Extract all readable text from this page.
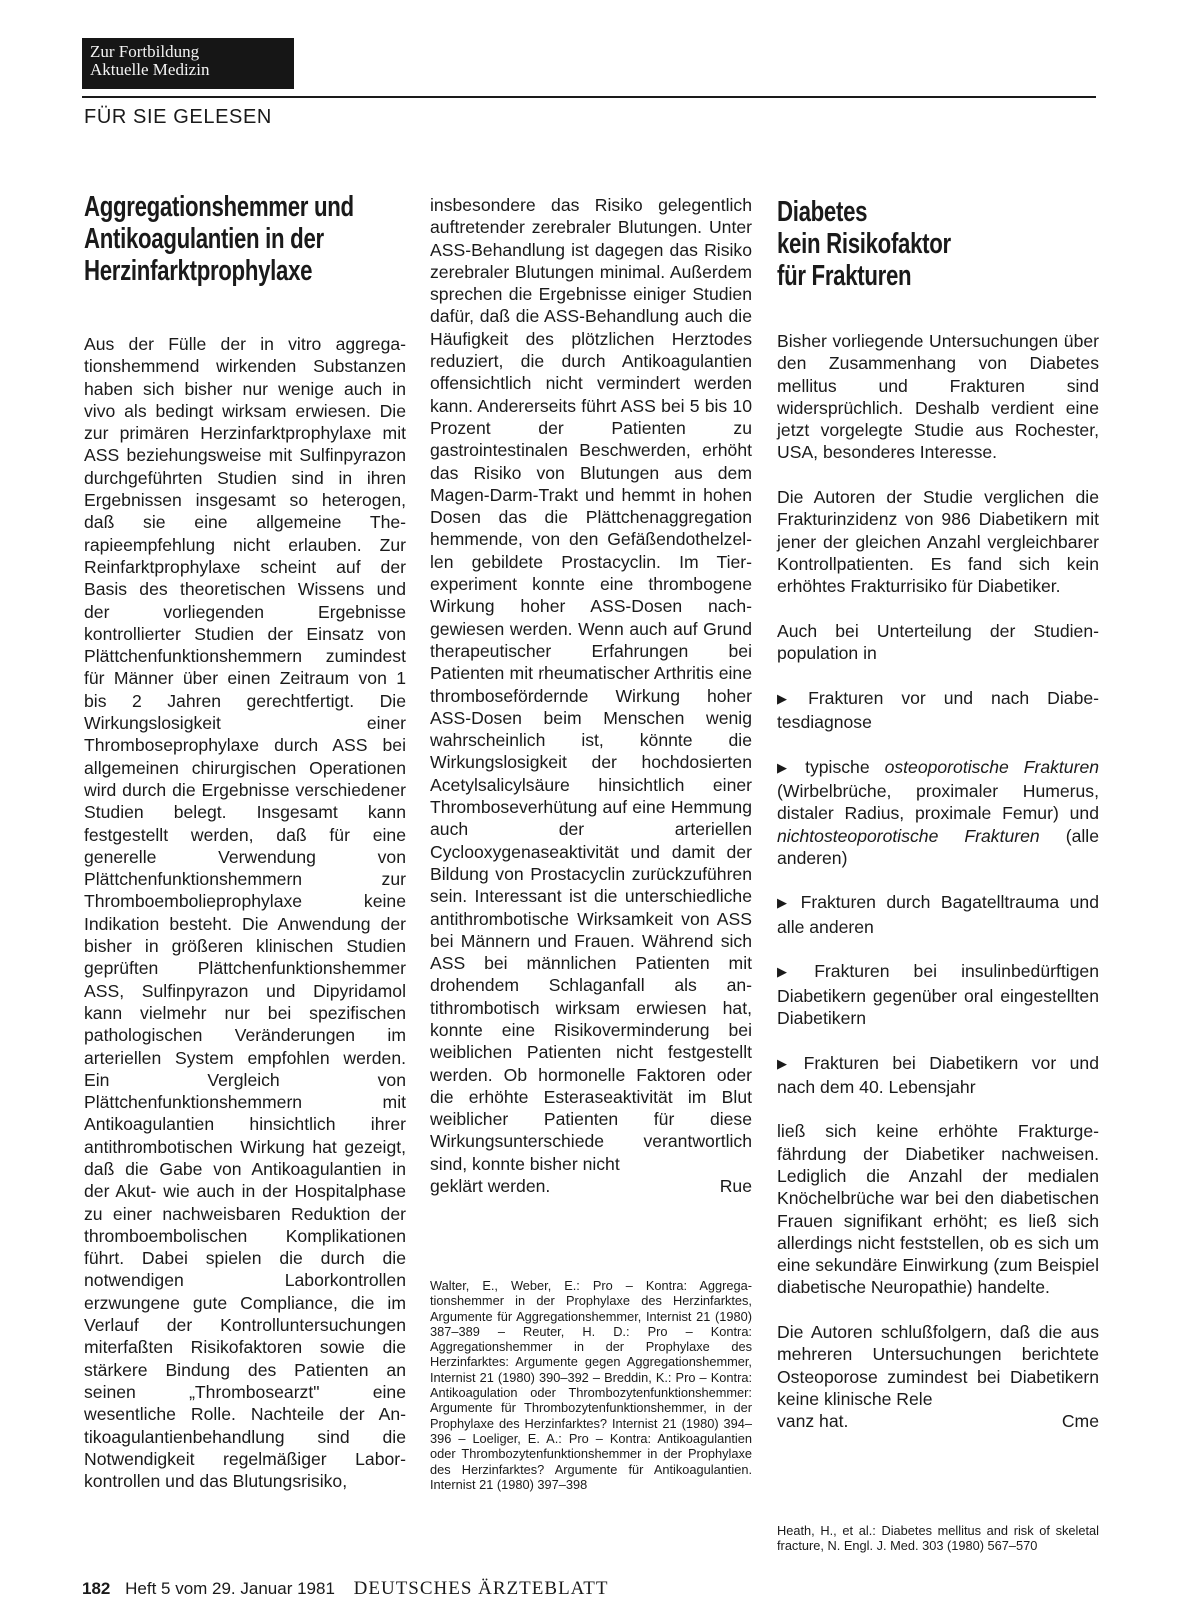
Zur Fortbildung
Aktuelle Medizin
FÜR SIE GELESEN
Aggregationshemmer und
Antikoagulantien in der
Herzinfarktprophylaxe
Diabetes
kein Risikofaktor
für Frakturen

Aus der Fülle der in vitro aggregationshemmend wirkenden Substanzen haben sich bisher nur wenige auch in vivo als bedingt wirksam erwiesen. Die zur primären Herzinfarktprophylaxe mit ASS beziehungsweise mit Sulfinpyrazon durchgeführten Studien sind in ihren Ergebnissen insgesamt so heterogen, daß sie eine allgemeine Therapieempfehlung nicht erlauben. Zur Reinfarktprophylaxe scheint auf der Basis des theoretischen Wissens und der vorliegenden Ergebnisse kontrollierter Studien der Einsatz von Plättchenfunktionshemmern zumindest für Männer über einen Zeitraum von 1 bis 2 Jahren gerechtfertigt. Die Wirkungslosigkeit einer Thromboseprophylaxe durch ASS bei allgemeinen chirurgischen Operationen wird durch die Ergebnisse verschiedener Studien belegt. Insgesamt kann festgestellt werden, daß für eine generelle Verwendung von Plättchenfunktionshemmern zur Thromboembolieprophylaxe keine Indikation besteht. Die Anwendung der bisher in größeren klinischen Studien geprüften Plättchenfunktionshemmer ASS, Sulfinpyrazon und Dipyridamol kann vielmehr nur bei spezifischen pathologischen Veränderungen im arteriellen System empfohlen werden. Ein Vergleich von Plättchenfunktionshemmern mit Antikoagulantien hinsichtlich ihrer antithrombotischen Wirkung hat gezeigt, daß die Gabe von Antikoagulantien in der Akut- wie auch in der Hospitalphase zu einer nachweisbaren Reduktion der thromboembolischen Komplikationen führt. Dabei spielen die durch die notwendigen Laborkontrollen erzwungene gute Compliance, die im Verlauf der Kontrolluntersuchungen miterfaßten Risikofaktoren sowie die stärkere Bindung des Patienten an seinen „Thrombosearzt" eine wesentliche Rolle. Nachteile der Antikoagulantienbehandlung sind die Notwendigkeit regelmäßiger Laborkontrollen und das Blutungsrisiko,

insbesondere das Risiko gelegentlich auftretender zerebraler Blutungen. Unter ASS-Behandlung ist dagegen das Risiko zerebraler Blutungen minimal. Außerdem sprechen die Ergebnisse einiger Studien dafür, daß die ASS-Behandlung auch die Häufigkeit des plötzlichen Herztodes reduziert, die durch Antikoagulantien offensichtlich nicht vermindert werden kann. Andererseits führt ASS bei 5 bis 10 Prozent der Patienten zu gastrointestinalen Beschwerden, erhöht das Risiko von Blutungen aus dem Magen-Darm-Trakt und hemmt in hohen Dosen das die Plättchenaggregation hemmende, von den Gefäßendothelzellen gebildete Prostacyclin. Im Tierexperiment konnte eine thrombogene Wirkung hoher ASS-Dosen nachgewiesen werden. Wenn auch auf Grund therapeutischer Erfahrungen bei Patienten mit rheumatischer Arthritis eine thrombosefördernde Wirkung hoher ASS-Dosen beim Menschen wenig wahrscheinlich ist, könnte die Wirkungslosigkeit der hochdosierten Acetylsalicylsäure hinsichtlich einer Thromboseverhütung auf eine Hemmung auch der arteriellen Cyclooxygenaseaktivität und damit der Bildung von Prostacyclin zurückzuführen sein. Interessant ist die unterschiedliche antithrombotische Wirksamkeit von ASS bei Männern und Frauen. Während sich ASS bei männlichen Patienten mit drohendem Schlaganfall als antithrombotisch wirksam erwiesen hat, konnte eine Risikoverminderung bei weiblichen Patienten nicht festgestellt werden. Ob hormonelle Faktoren oder die erhöhte Esteraseaktivität im Blut weiblicher Patienten für diese Wirkungsunterschiede verantwortlich sind, konnte bisher nicht

geklärt werden.	Rue
Walter, E., Weber, E.: Pro – Kontra: Aggregationshemmer in der Prophylaxe des Herzinfarktes, Argumente für Aggregationshemmer, Internist 21 (1980) 387–389 – Reuter, H. D.: Pro – Kontra: Aggregationshemmer in der Prophylaxe des Herzinfarktes: Argumente gegen Aggregationshemmer, Internist 21 (1980) 390–392 – Breddin, K.: Pro – Kontra: Antikoagulation oder Thrombozytenfunktionshemmer: Argumente für Thrombozytenfunktionshemmer, in der Prophylaxe des Herzinfarktes? Internist 21 (1980) 394–396 – Loeliger, E. A.: Pro – Kontra: Antikoagulantien oder Thrombozytenfunktionshemmer in der Prophylaxe des Herzinfarktes? Argumente für Antikoagulantien. Internist 21 (1980) 397–398

Bisher vorliegende Untersuchungen über den Zusammenhang von Diabetes mellitus und Frakturen sind widersprüchlich. Deshalb verdient eine jetzt vorgelegte Studie aus Rochester, USA, besonderes Interesse.

Die Autoren der Studie verglichen die Frakturinzidenz von 986 Diabetikern mit jener der gleichen Anzahl vergleichbarer Kontrollpatienten. Es fand sich kein erhöhtes Frakturrisiko für Diabetiker.

Auch bei Unterteilung der Studienpopulation in

▶ Frakturen vor und nach Diabetesdiagnose

▶ typische osteoporotische Frakturen (Wirbelbrüche, proximaler Humerus, distaler Radius, proximale Femur) und nichtosteoporotische Frakturen (alle anderen)

▶ Frakturen durch Bagatelltrauma und alle anderen

▶ Frakturen bei insulinbedürftigen Diabetikern gegenüber oral eingestellten Diabetikern

▶ Frakturen bei Diabetikern vor und nach dem 40. Lebensjahr

ließ sich keine erhöhte Frakturgefährdung der Diabetiker nachweisen. Lediglich die Anzahl der medialen Knöchelbrüche war bei den diabetischen Frauen signifikant erhöht; es ließ sich allerdings nicht feststellen, ob es sich um eine sekundäre Einwirkung (zum Beispiel diabetische Neuropathie) handelte.

Die Autoren schlußfolgern, daß die aus mehreren Untersuchungen berichtete Osteoporose zumindest bei Diabetikern keine klinische Rele

vanz hat.	Cme
Heath, H., et al.: Diabetes mellitus and risk of skeletal fracture, N. Engl. J. Med. 303 (1980) 567–570
182 Heft 5 vom 29. Januar 1981 DEUTSCHES ÄRZTEBLATT
